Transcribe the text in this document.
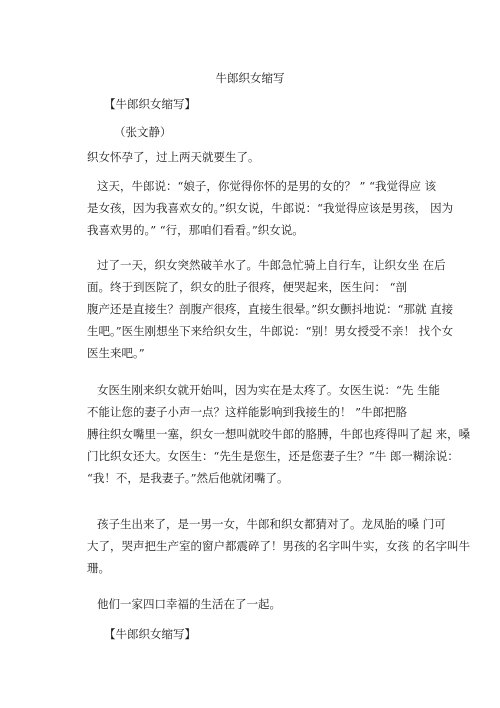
牛郎织女缩写
【牛郎织女缩写】
（张文静）
织女怀孕了，过上两天就要生了。
这天，牛郎说：“娘子，你觉得你怀的是男的女的？ ” “我觉得应 该
是女孩，因为我喜欢女的。”织女说，牛郎说：“我觉得应该是男孩， 因为
我喜欢男的。” “行，那咱们看看。”织女说。
过了一天，织女突然破羊水了。牛郎急忙骑上自行车，让织女坐 在后
面。终于到医院了，织女的肚子很疼，便哭起来，医生问： “剖
腹产还是直接生？剖腹产很疼，直接生很晕。”织女颤抖地说：“那就 直接
生吧。”医生刚想坐下来给织女生，牛郎说：“别！男女授受不亲！ 找个女
医生来吧。”
女医生刚来织女就开始叫，因为实在是太疼了。女医生说：“先 生能
不能让您的妻子小声一点？这样能影响到我接生的！ ”牛郎把胳
膊往织女嘴里一塞，织女一想叫就咬牛郎的胳膊，牛郎也疼得叫了起 来，嗓
门比织女还大。女医生：“先生是您生，还是您妻子生？”牛 郎一糊涂说：
“我！不，是我妻子。”然后他就闭嘴了。
孩子生出来了，是一男一女，牛郎和织女都猜对了。龙凤胎的嗓 门可
大了，哭声把生产室的窗户都震碎了！男孩的名字叫牛实，女孩 的名字叫牛
珊。
他们一家四口幸福的生活在了一起。
【牛郎织女缩写】
